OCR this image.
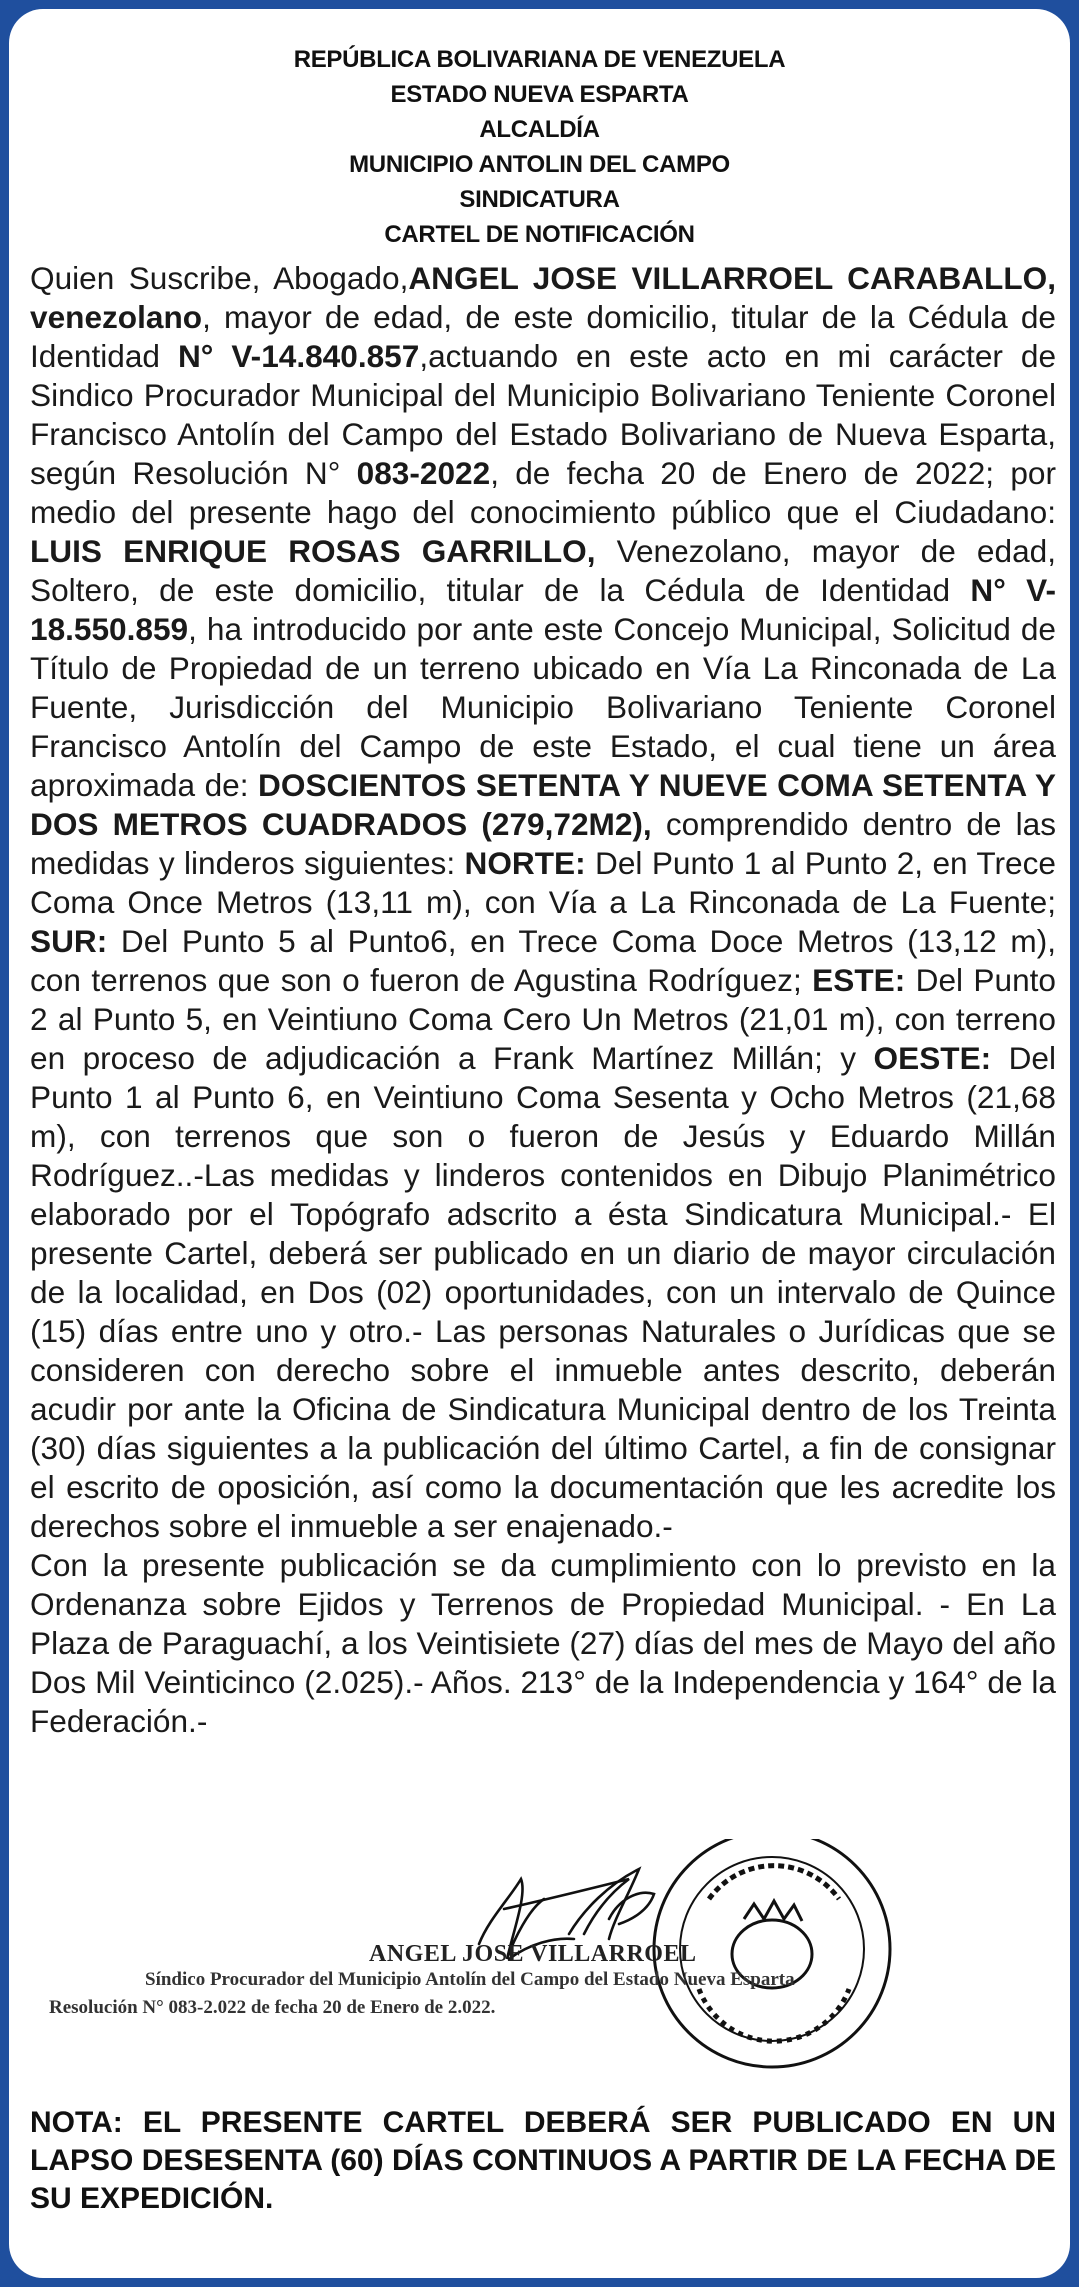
REPÚBLICA BOLIVARIANA DE VENEZUELA
ESTADO NUEVA ESPARTA
ALCALDÍA
MUNICIPIO ANTOLIN DEL CAMPO
SINDICATURA
CARTEL DE NOTIFICACIÓN

Quien Suscribe, Abogado,ANGEL JOSE VILLARROEL CARABALLO, venezolano, mayor de edad, de este domicilio, titular de la Cédula de Identidad N° V-14.840.857,actuando en este acto en mi carácter de Sindico Procurador Municipal del Municipio Bolivariano Teniente Coronel Francisco Antolín del Campo del Estado Bolivariano de Nueva Esparta, según Resolución N° 083-2022, de fecha 20 de Enero de 2022; por medio del presente hago del conocimiento público que el Ciudadano: LUIS ENRIQUE ROSAS GARRILLO, Venezolano, mayor de edad, Soltero, de este domicilio, titular de la Cédula de Identidad N° V-18.550.859, ha introducido por ante este Concejo Municipal, Solicitud de Título de Propiedad de un terreno ubicado en Vía La Rinconada de La Fuente, Jurisdicción del Municipio Bolivariano Teniente Coronel Francisco Antolín del Campo de este Estado, el cual tiene un área aproximada de: DOSCIENTOS SETENTA Y NUEVE COMA SETENTA Y DOS METROS CUADRADOS (279,72M2), comprendido dentro de las medidas y linderos siguientes: NORTE: Del Punto 1 al Punto 2, en Trece Coma Once Metros (13,11 m), con Vía a La Rinconada de La Fuente; SUR: Del Punto 5 al Punto6, en Trece Coma Doce Metros (13,12 m), con terrenos que son o fueron de Agustina Rodríguez; ESTE: Del Punto 2 al Punto 5, en Veintiuno Coma Cero Un Metros (21,01 m), con terreno en proceso de adjudicación a Frank Martínez Millán; y OESTE: Del Punto 1 al Punto 6, en Veintiuno Coma Sesenta y Ocho Metros (21,68 m), con terrenos que son o fueron de Jesús y Eduardo Millán Rodríguez..-Las medidas y linderos contenidos en Dibujo Planimétrico elaborado por el Topógrafo adscrito a ésta Sindicatura Municipal.- El presente Cartel, deberá ser publicado en un diario de mayor circulación de la localidad, en Dos (02) oportunidades, con un intervalo de Quince (15) días entre uno y otro.- Las personas Naturales o Jurídicas que se consideren con derecho sobre el inmueble antes descrito, deberán acudir por ante la Oficina de Sindicatura Municipal dentro de los Treinta (30) días siguientes a la publicación del último Cartel, a fin de consignar el escrito de oposición, así como la documentación que les acredite los derechos sobre el inmueble a ser enajenado.-

Con la presente publicación se da cumplimiento con lo previsto en la Ordenanza sobre Ejidos y Terrenos de Propiedad Municipal. - En La Plaza de Paraguachí, a los Veintisiete (27) días del mes de Mayo del año Dos Mil Veinticinco (2.025).- Años. 213° de la Independencia y 164° de la Federación.-

ANGEL JOSE VILLARROEL
Síndico Procurador del Municipio Antolín del Campo del Estado Nueva Esparta
Resolución N° 083-2.022 de fecha 20 de Enero de 2.022.
NOTA: EL PRESENTE CARTEL DEBERÁ SER PUBLICADO EN UN LAPSO DESESENTA (60) DÍAS CONTINUOS A PARTIR DE LA FECHA DE SU EXPEDICIÓN.
